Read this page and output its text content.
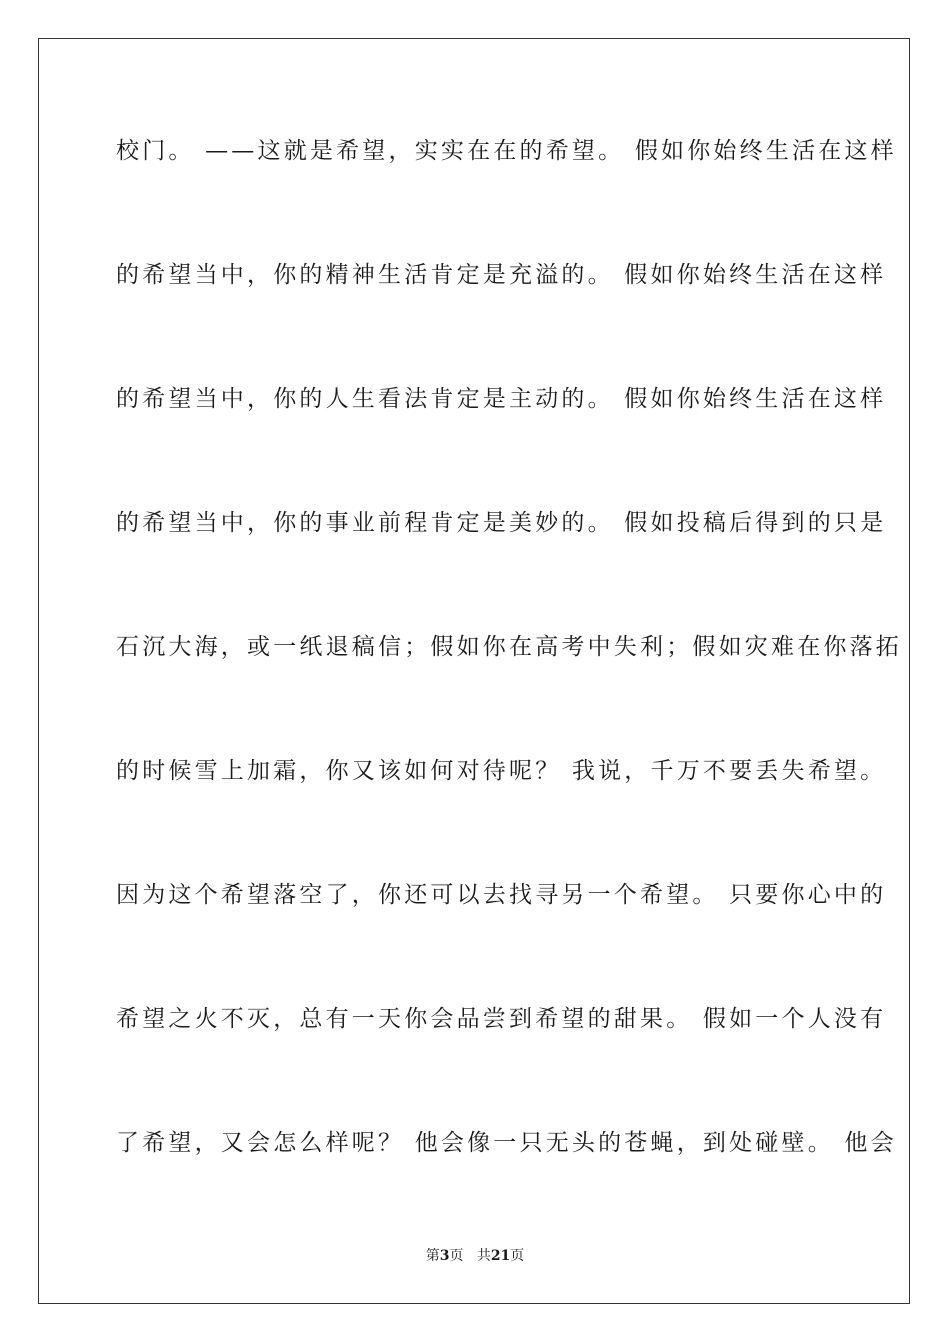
校门。 ——这就是希望，实实在在的希望。 假如你始终生活在这样
的希望当中，你的精神生活肯定是充溢的。 假如你始终生活在这样
的希望当中，你的人生看法肯定是主动的。 假如你始终生活在这样
的希望当中，你的事业前程肯定是美妙的。 假如投稿后得到的只是
石沉大海，或一纸退稿信；假如你在高考中失利；假如灾难在你落拓
的时候雪上加霜，你又该如何对待呢？ 我说，千万不要丢失希望。
因为这个希望落空了，你还可以去找寻另一个希望。 只要你心中的
希望之火不灭，总有一天你会品尝到希望的甜果。 假如一个人没有
了希望，又会怎么样呢？ 他会像一只无头的苍蝇，到处碰壁。 他会
第3页 共21页
